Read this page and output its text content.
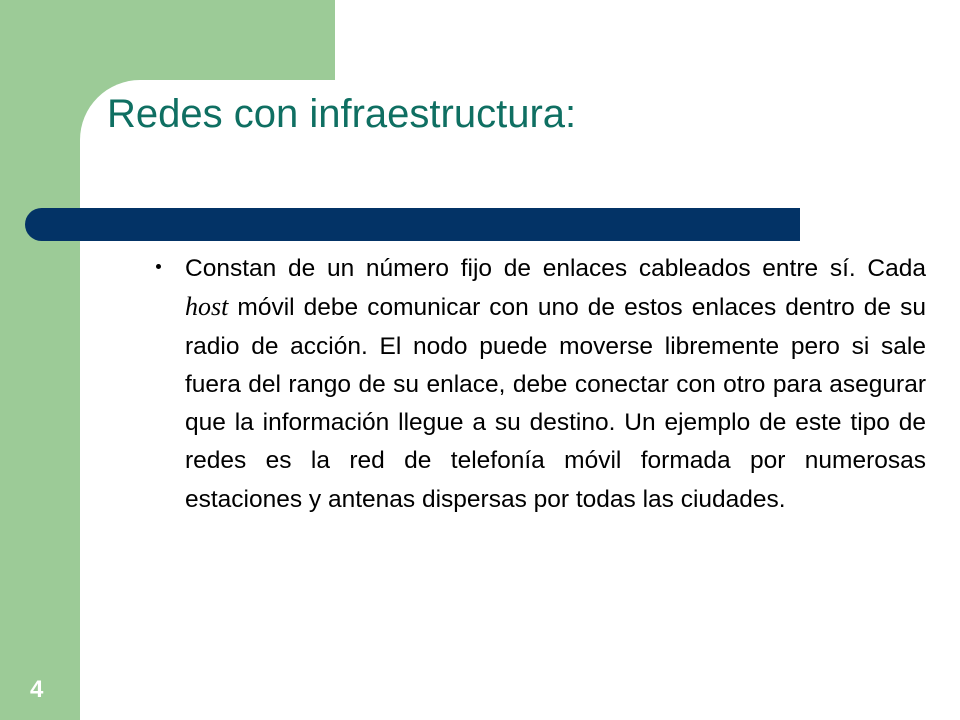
Redes con infraestructura:

Constan de un número fijo de enlaces cableados entre sí. Cada host móvil debe comunicar con uno de estos enlaces dentro de su radio de acción. El nodo puede moverse libremente pero si sale fuera del rango de su enlace, debe conectar con otro para asegurar que la información llegue a su destino. Un ejemplo de este tipo de redes es la red de telefonía móvil formada por numerosas estaciones y antenas dispersas por todas las ciudades.

4
